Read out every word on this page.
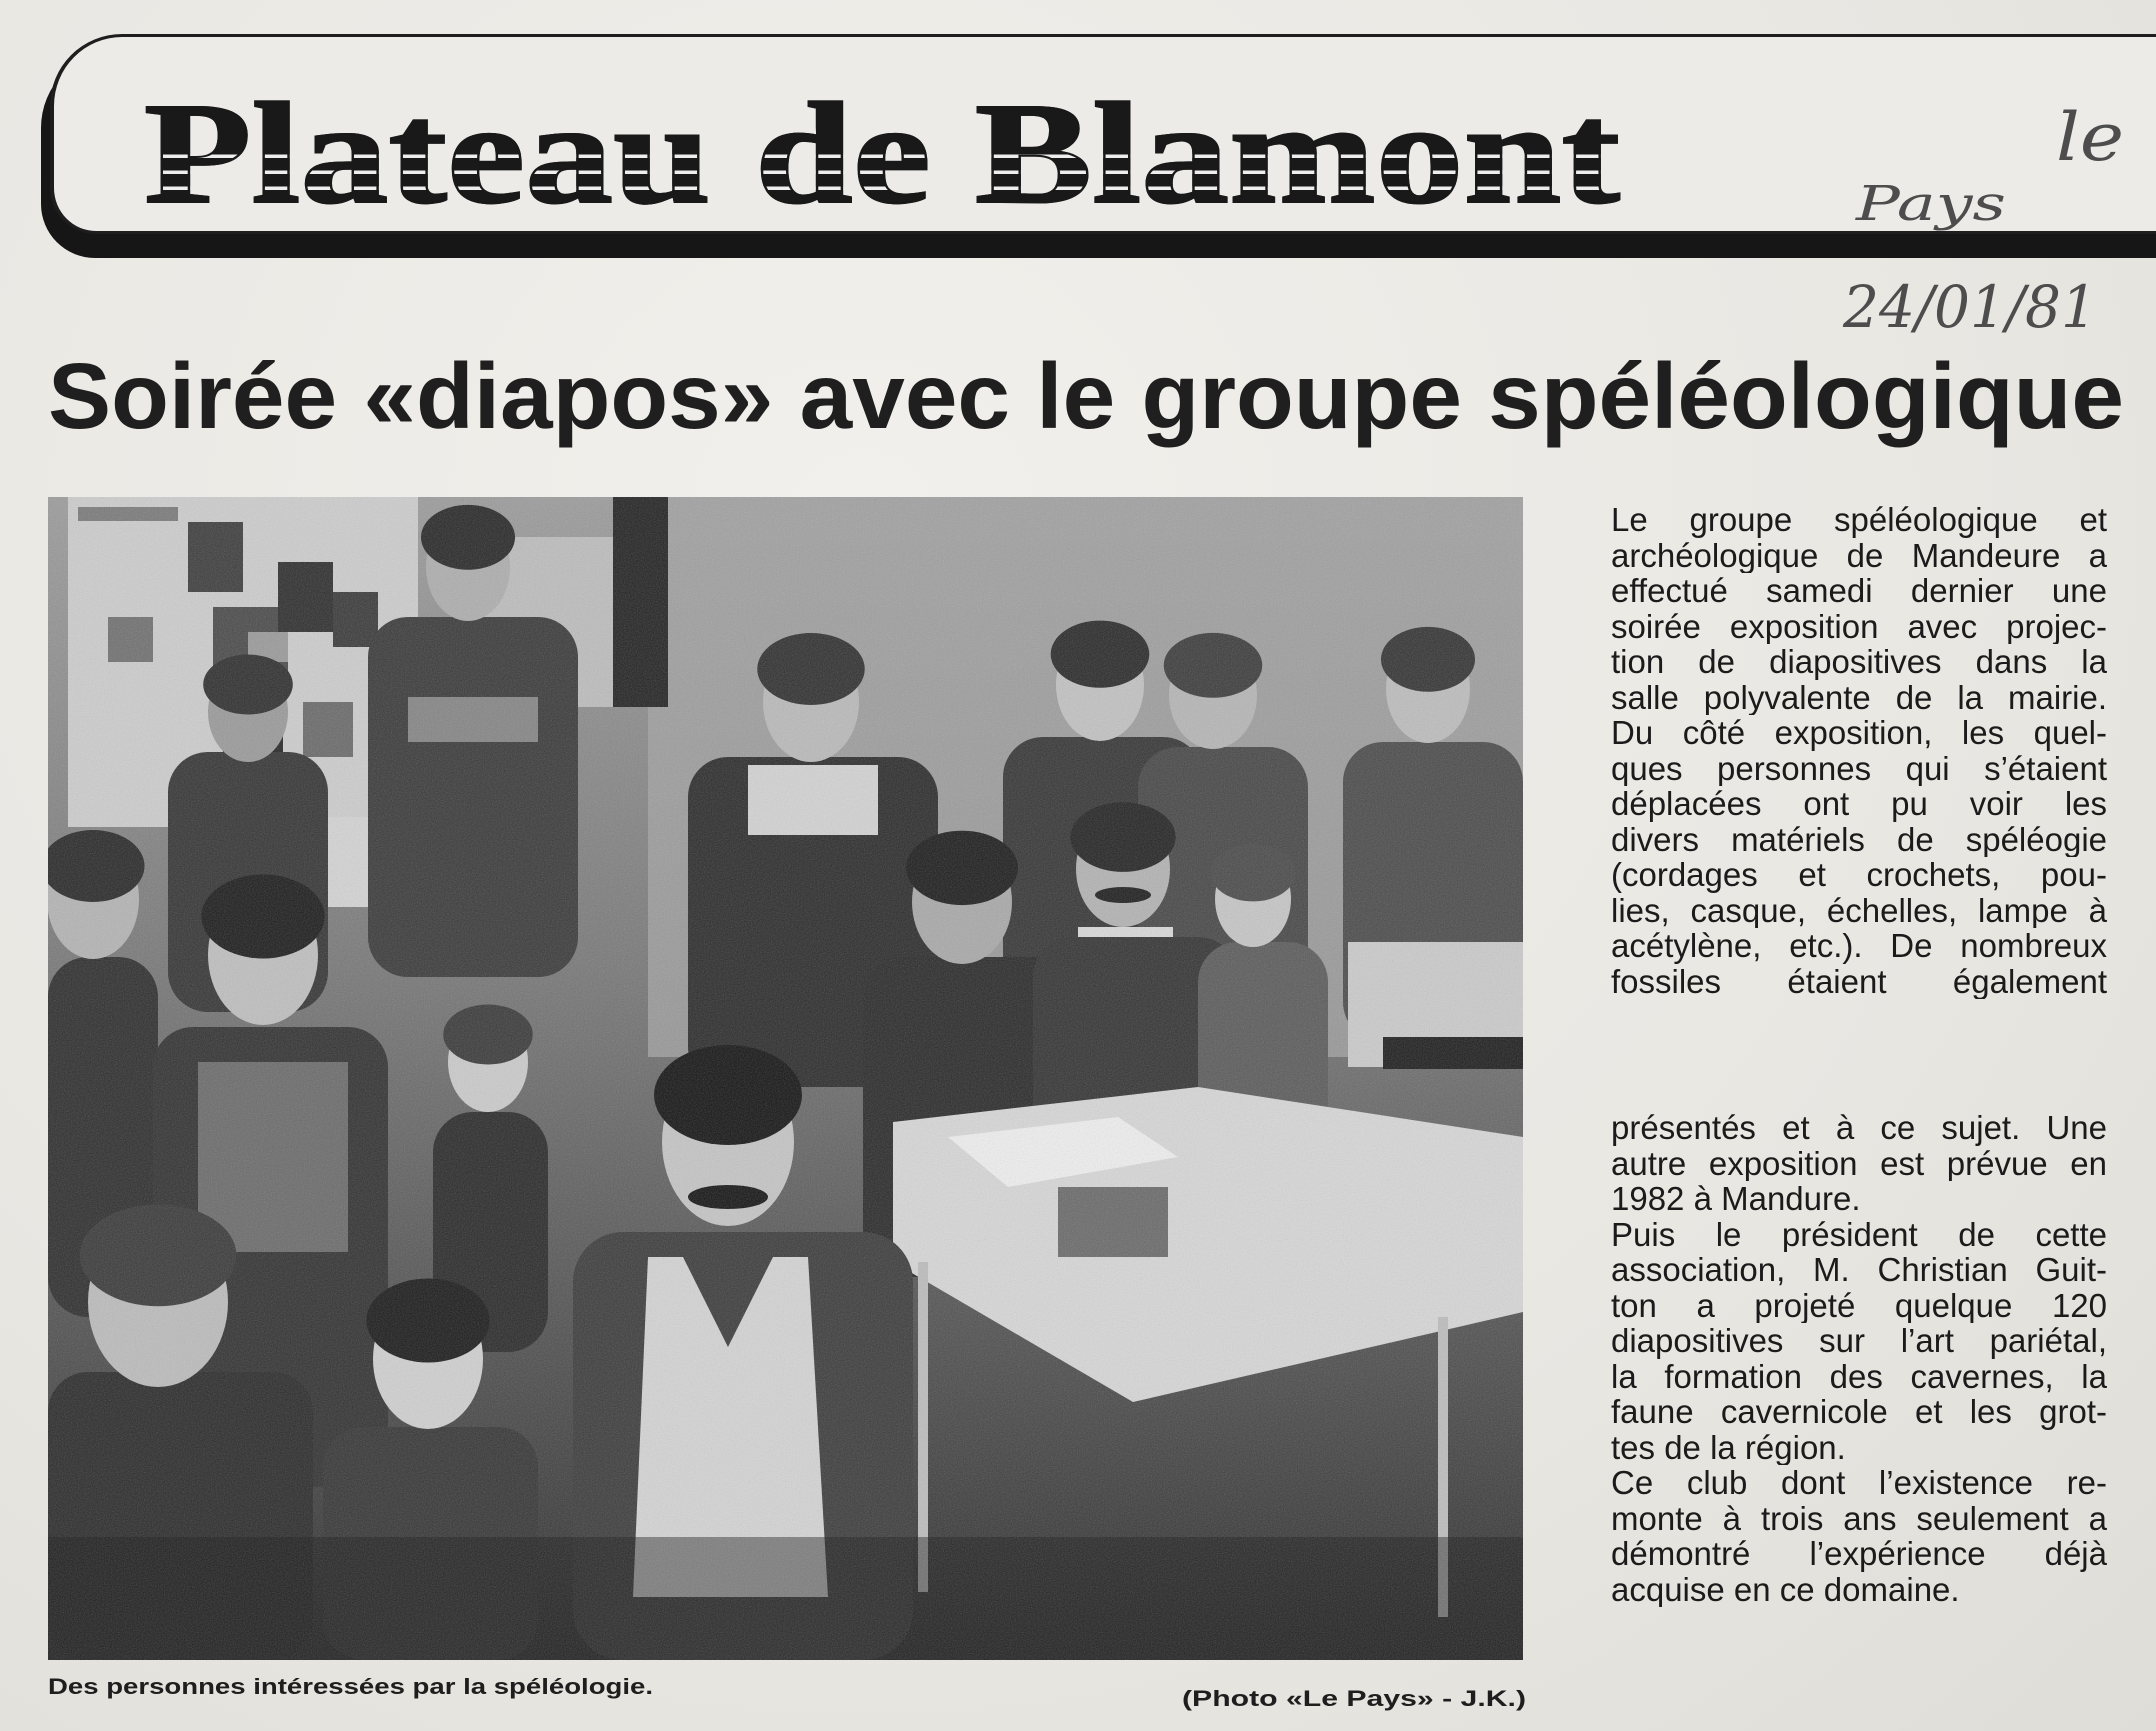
Plateau de Blamont	le
Pays
24/01/81
Soirée «diapos» avec le groupe spéléologique
Des personnes intéressées par la spéléologie.	(Photo «Le Pays» - J.K.)
Le groupe spéléologique et
archéologique de Mandeure a
effectué samedi dernier une
soirée exposition avec projec-
tion de diapositives dans la
salle polyvalente de la mairie.
Du côté exposition, les quel-
ques personnes qui s’étaient
déplacées ont pu voir les
divers matériels de spéléogie
(cordages et crochets, pou-
lies, casque, échelles, lampe à
acétylène, etc.). De nombreux
fossiles étaient également
présentés et à ce sujet. Une
autre exposition est prévue en
1982 à Mandure.
Puis le président de cette
association, M. Christian Guit-
ton a projeté quelque 120
diapositives sur l’art pariétal,
la formation des cavernes, la
faune cavernicole et les grot-
tes de la région.
Ce club dont l’existence re-
monte à trois ans seulement a
démontré l’expérience déjà
acquise en ce domaine.
